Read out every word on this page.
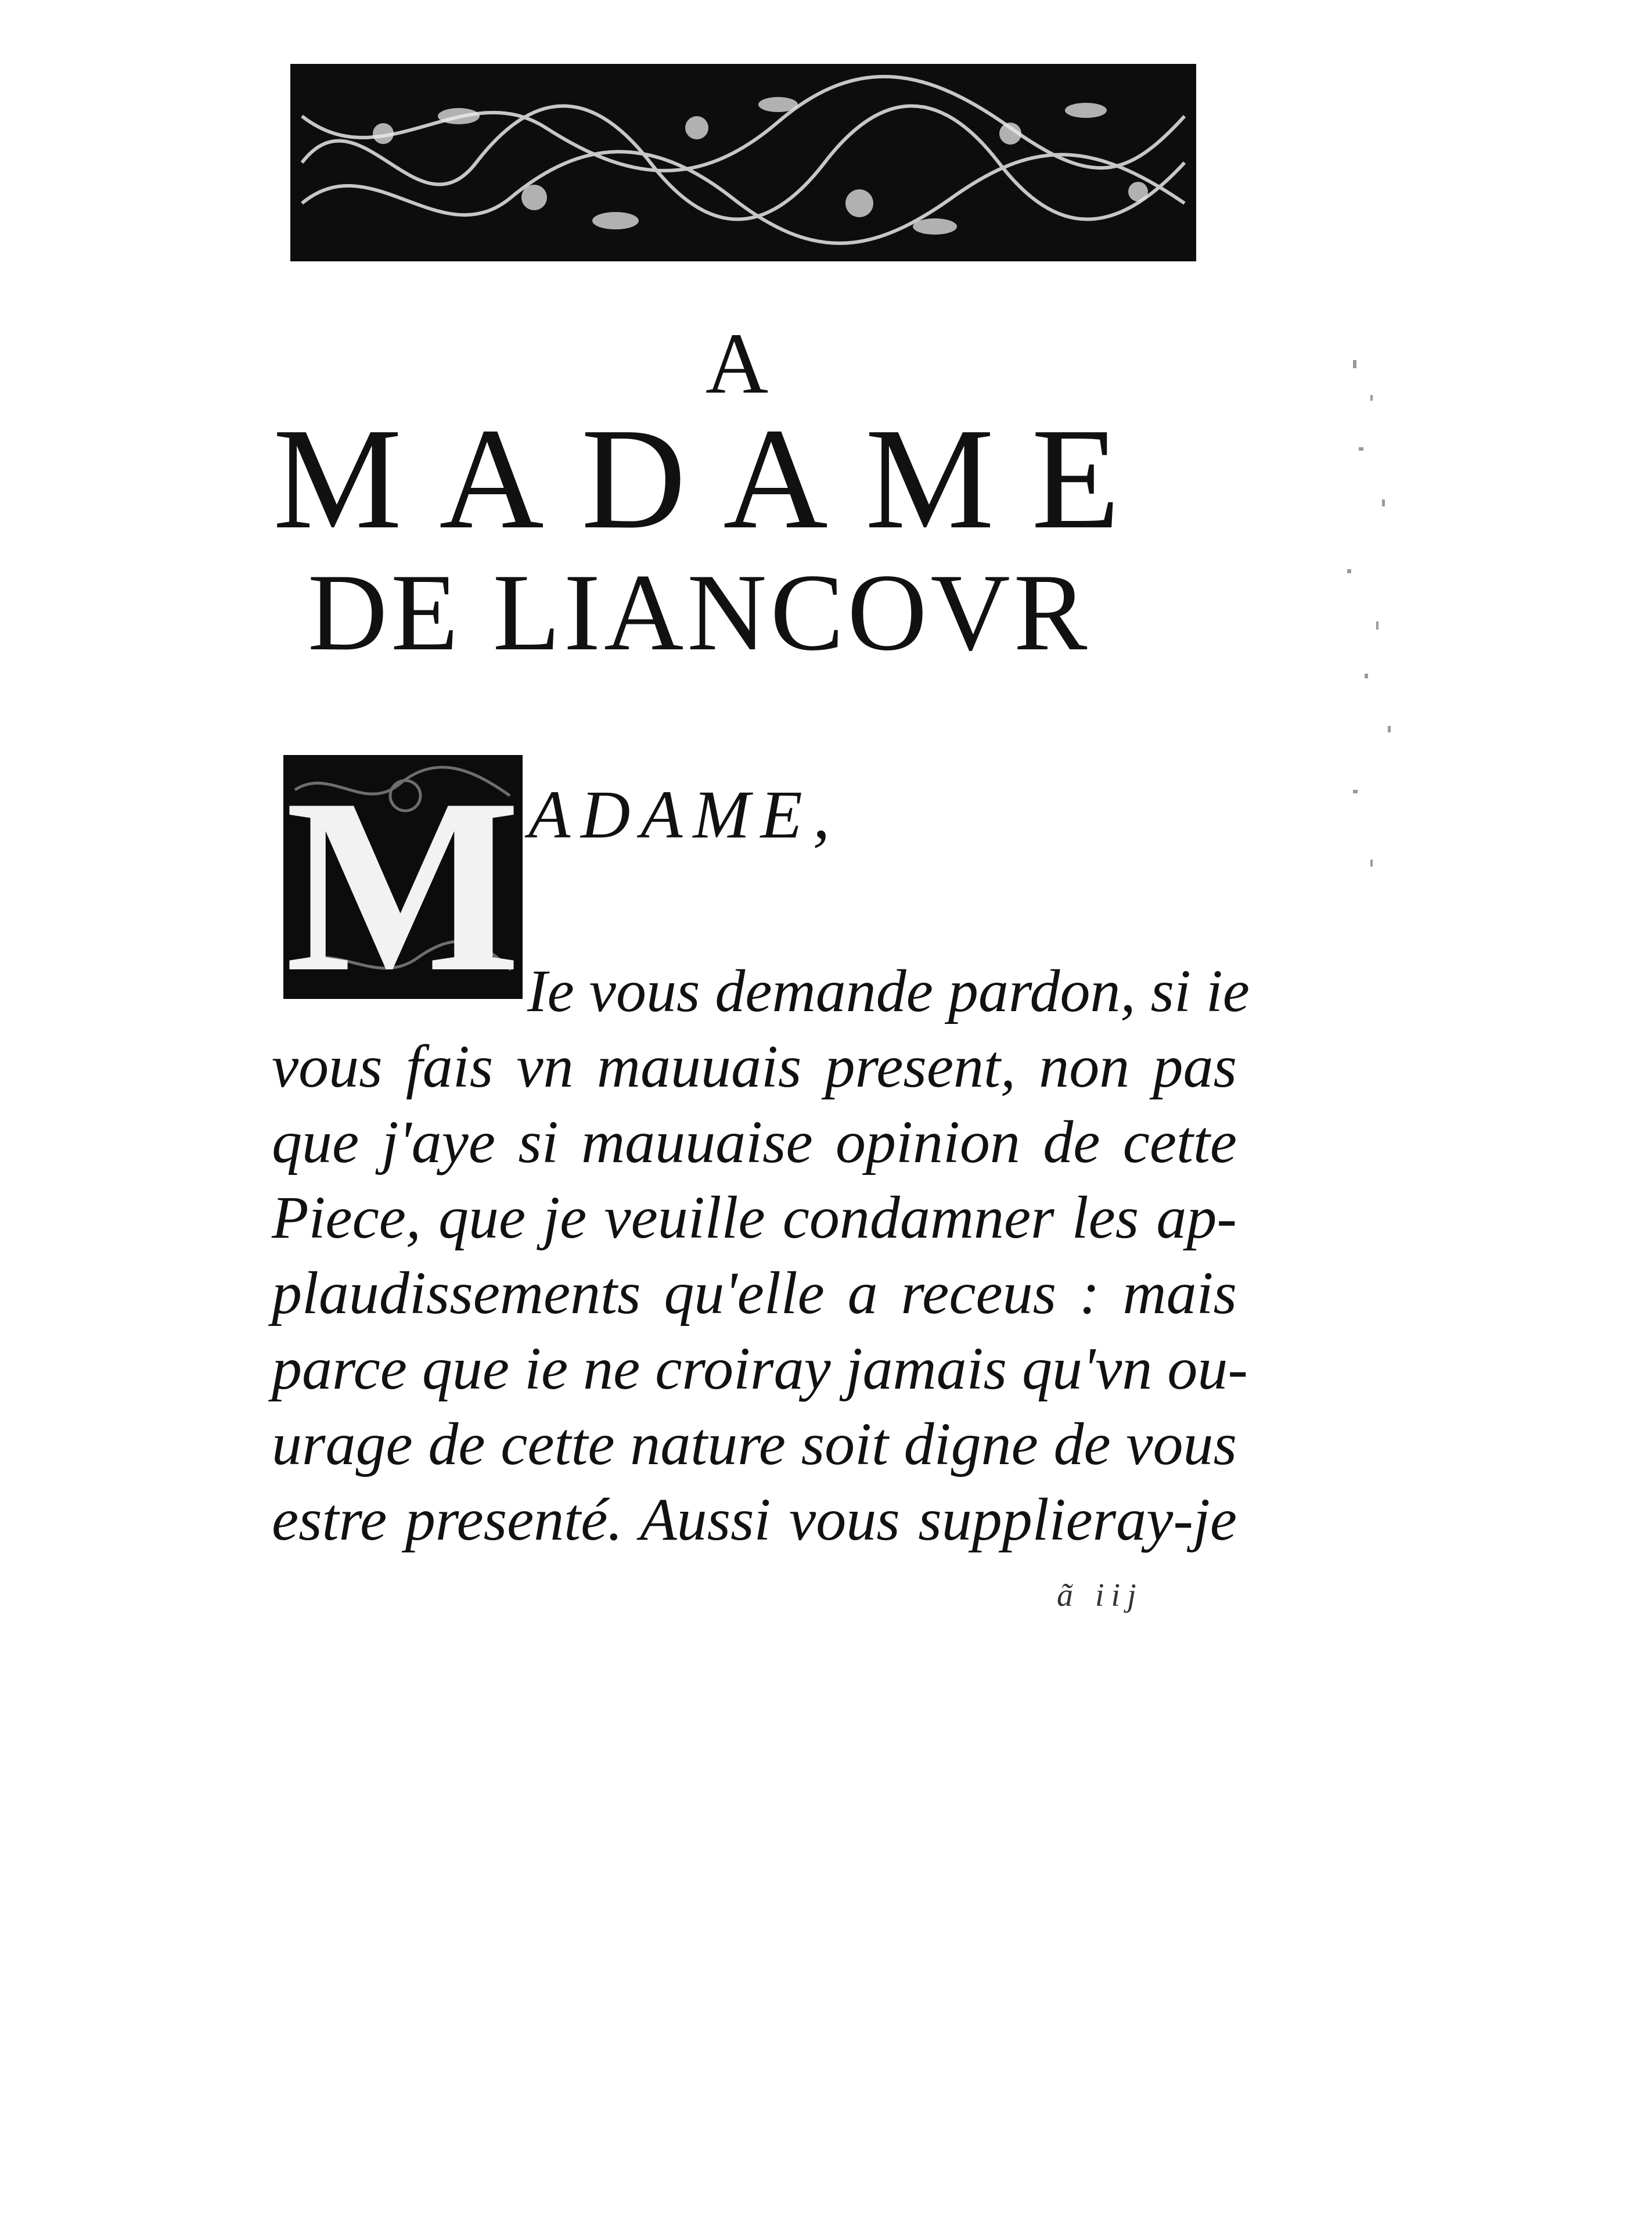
A
MADAME
DE LIANCOVR
M ADAME,
Ie vous demande pardon, si ie
vous fais vn mauuais present, non pas
que j'aye si mauuaise opinion de cette
Piece, que je veuille condamner les ap-
plaudissements qu'elle a receus : mais
parce que ie ne croiray jamais qu'vn ou-
urage de cette nature soit digne de vous
estre presenté. Aussi vous supplieray-je
ã iij
